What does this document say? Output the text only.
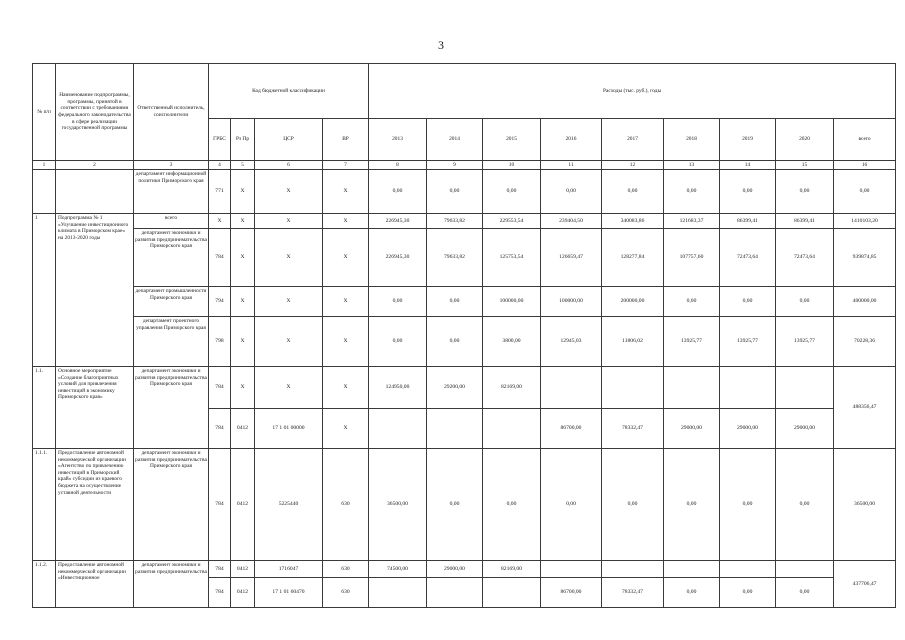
3
№ п/п	Наименование подпрограммы, программы, принятой в соответствии с требованиями федерального законодательства в сфере реализации государственной программы	Ответственный исполнитель, соисполнители	Код бюджетной классификации				Расходы (тыс. руб.), годы								
			ГРБС	Рз Пр	ЦСР	ВР	2013	2014	2015	2016	2017	2018	2019	2020	всего
1	2	3	4	5	6	7	8	9	10	11	12	13	14	15	16
		департамент информационной политики Приморского края	771	Х	Х	Х	0,00	0,00	0,00	0,00	0,00	0,00	0,00	0,00	0,00
1	Подпрограмма № 1 «Улучшение инвестиционного климата в Приморском крае» на 2013-2020 годы	всего	Х	Х	Х	Х	226945,30	79633,82	229553,54	239404,50	340083,86	121683,37	86399,41	86399,41	1410103,20
		департамент экономики и развития предпринимательства Приморского края	784	Х	Х	Х	226945,30	79633,82	125753,54	126659,47	128277,84	107757,60	72473,64	72473,64	939874,85
		департамент промышленности Приморского края	794	Х	Х	Х	0,00	0,00	100000,00	100000,00	200000,00	0,00	0,00	0,00	400000,00
		департамент проектного управления Приморского края	798	Х	Х	Х	0,00	0,00	3800,00	12945,03	11806,02	13925,77	13925,77	13925,77	70228,36
1.1.	Основное мероприятие «Создание благоприятных условий для привлечения инвестиций в экономику Приморского края»	департамент экономики и развития предпринимательства Приморского края	784	Х	Х	Х	124950,00	29200,00	82169,00						488356,47
			784	0412	17 1 01 00000	Х				86700,00	78332,47	29000,00	29000,00	29000,00	
1.1.1.	Предоставление автономной некоммерческой организации «Агентство по привлечению инвестиций в Приморский край» субсидии из краевого бюджета на осуществление уставной деятельности	департамент экономики и развития предпринимательства Приморского края	784	0412	5225440	630	36500,00	0,00	0,00	0,00	0,00	0,00	0,00	0,00	36500,00
1.1.2.	Предоставление автономной некоммерческой организации «Инвестиционное	департамент экономики и развития предпринимательства	784	0412	1716047	630	74500,00	29000,00	82169,00						437706,47
			784	0412	17 1 01 60470	630				86700,00	78332,47	0,00	0,00	0,00	
